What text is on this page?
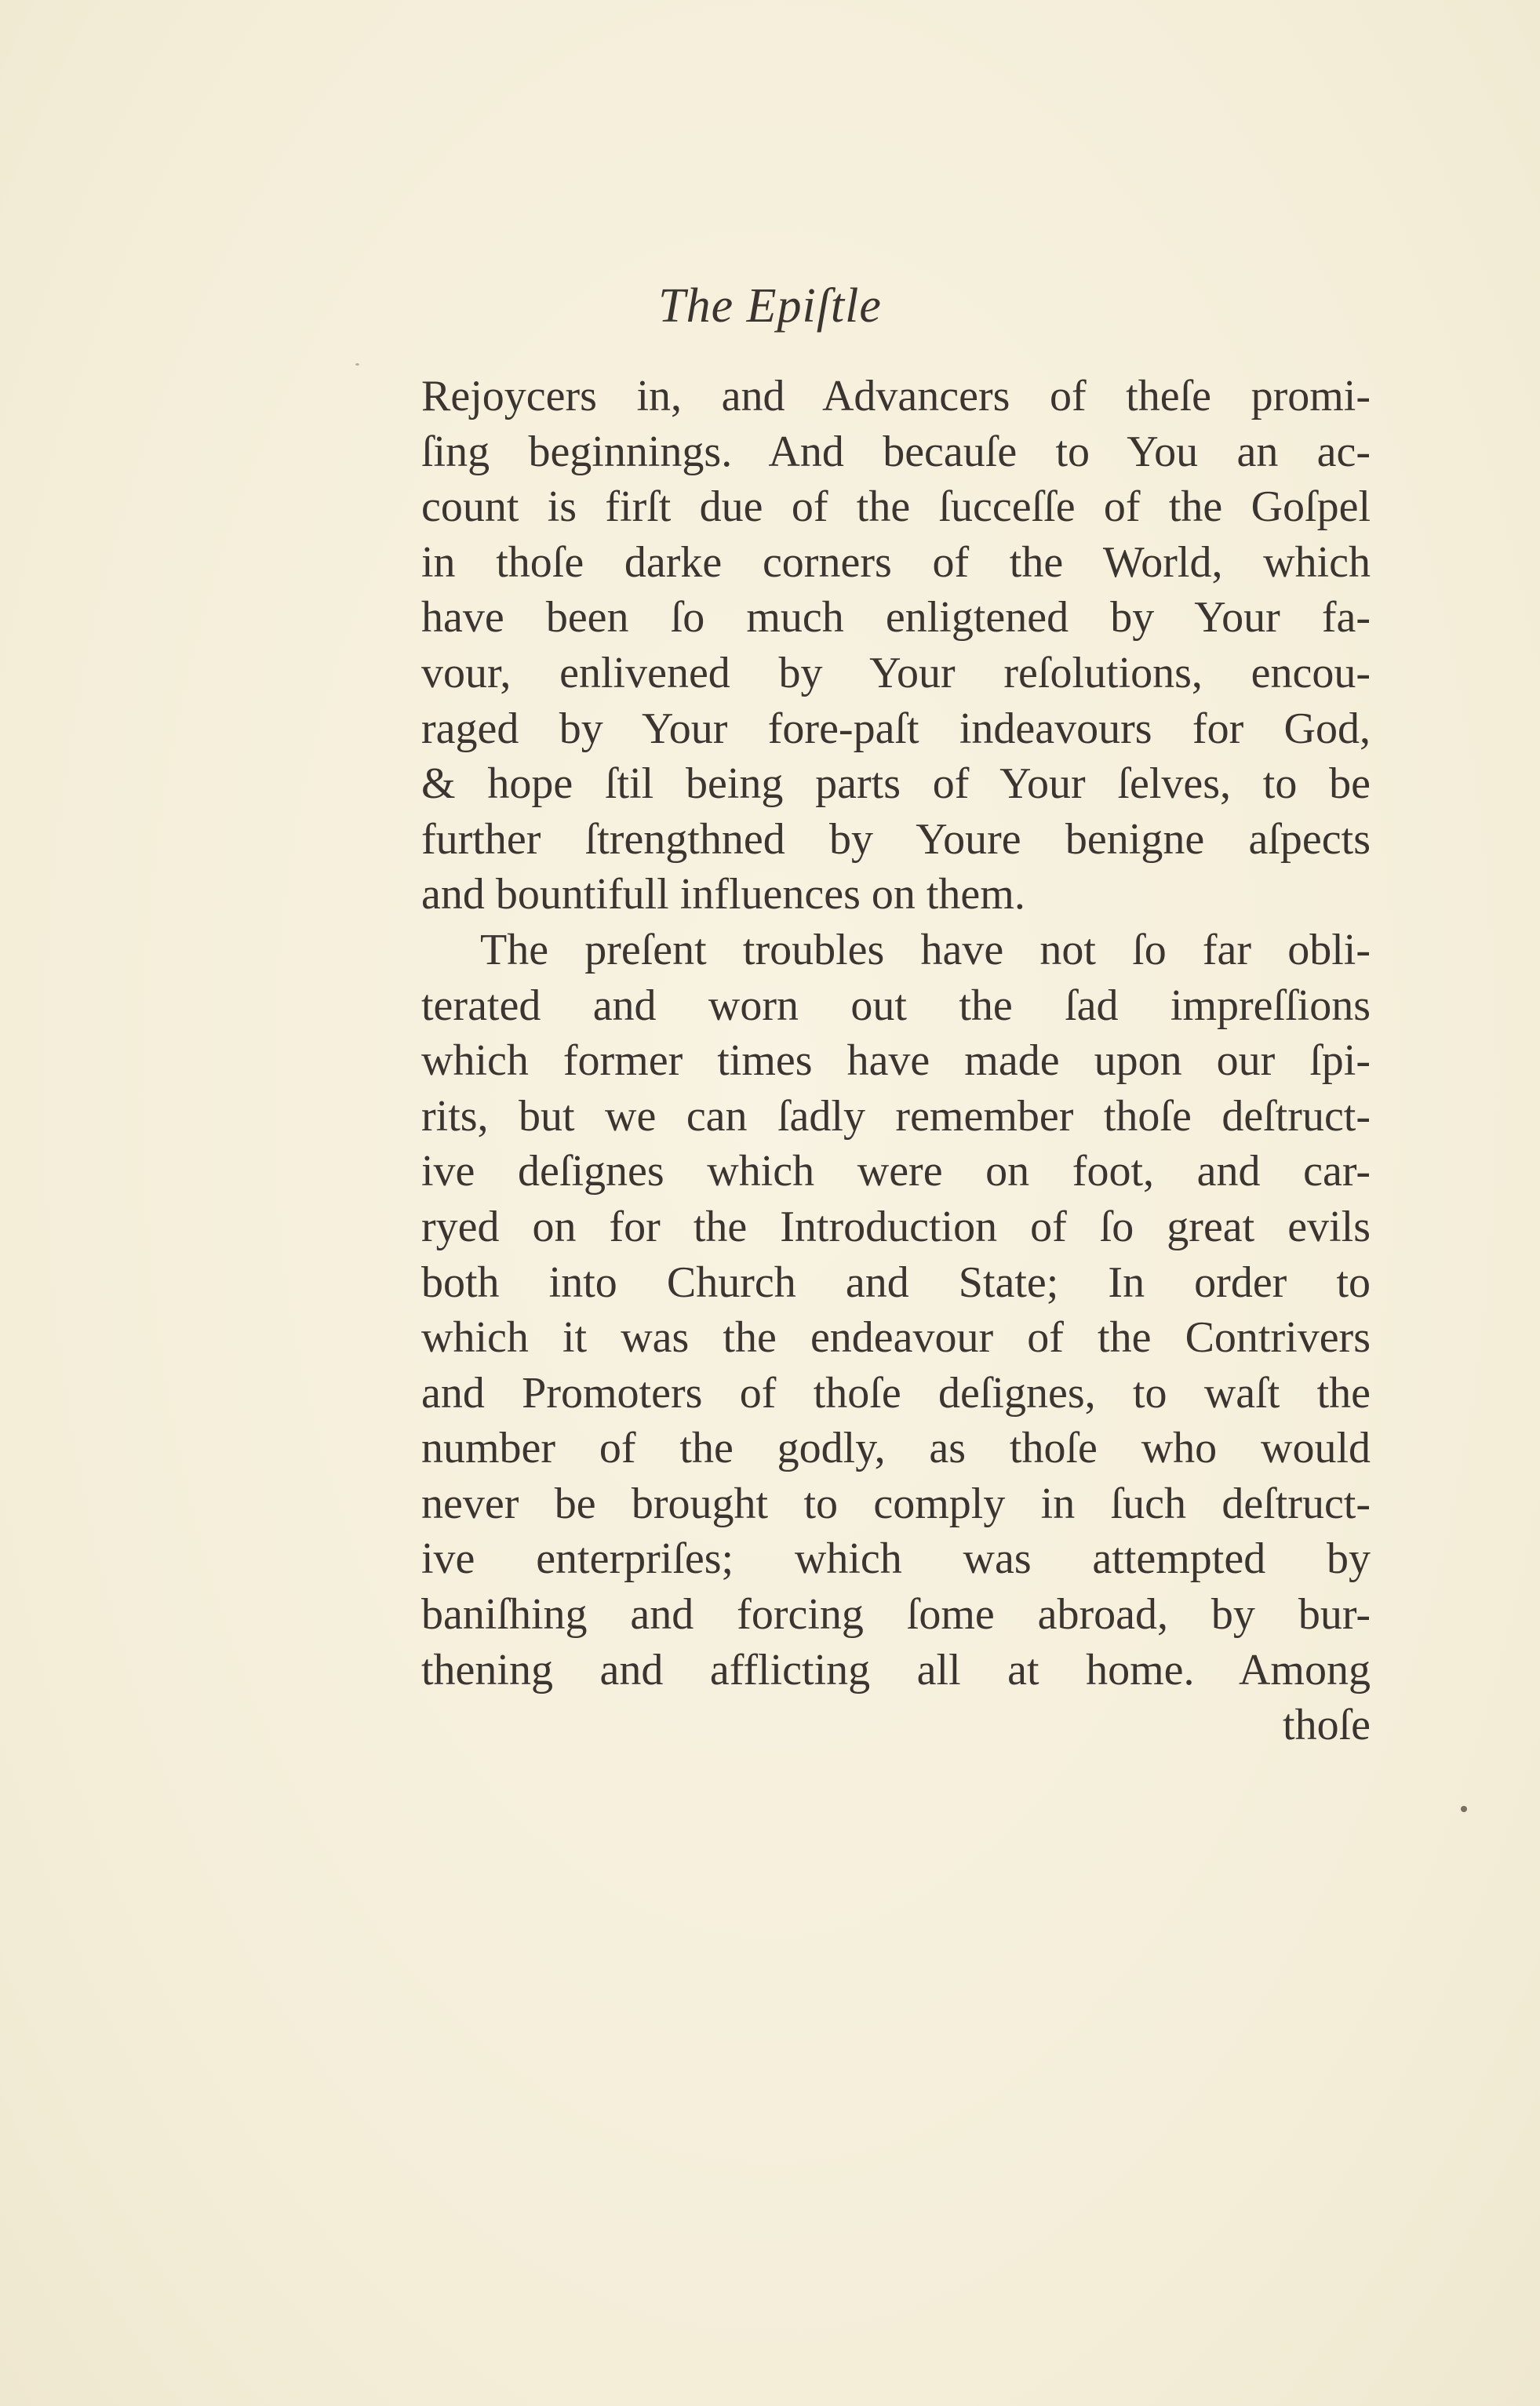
The Epiſtle
Rejoycers in, and Advancers of theſe promi-
ſing beginnings. And becauſe to You an ac-
count is firſt due of the ſucceſſe of the Goſpel
in thoſe darke corners of the World, which
have been ſo much enligtened by Your fa-
vour, enlivened by Your reſolutions, encou-
raged by Your fore-paſt indeavours for God,
& hope ſtil being parts of Your ſelves, to be
further ſtrengthned by Youre benigne aſpects
and bountifull influences on them.
The preſent troubles have not ſo far obli-
terated and worn out the ſad impreſſions
which former times have made upon our ſpi-
rits, but we can ſadly remember thoſe deſtruct-
ive deſignes which were on foot, and car-
ryed on for the Introduction of ſo great evils
both into Church and State; In order to
which it was the endeavour of the Contrivers
and Promoters of thoſe deſignes, to waſt the
number of the godly, as thoſe who would
never be brought to comply in ſuch deſtruct-
ive enterpriſes; which was attempted by
baniſhing and forcing ſome abroad, by bur-
thening and afflicting all at home. Among
thoſe
